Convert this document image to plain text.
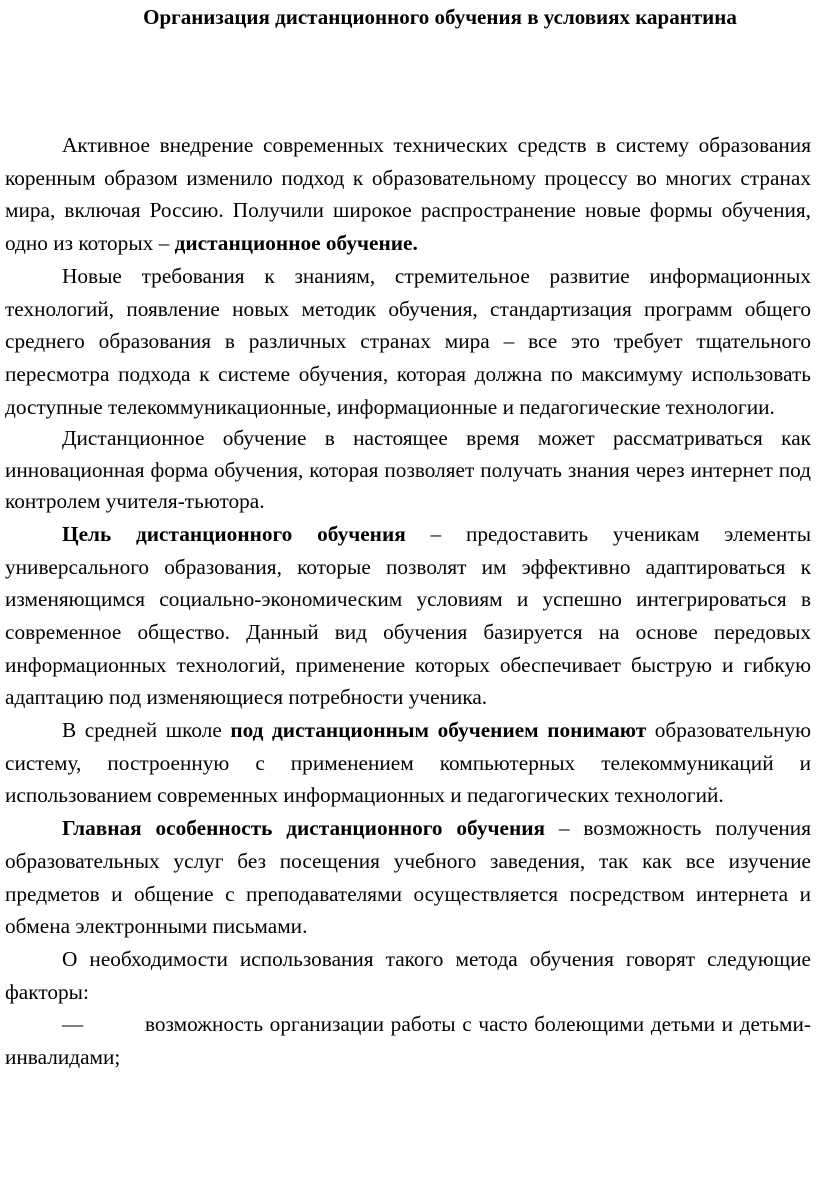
Организация дистанционного обучения в условиях карантина

Активное внедрение современных технических средств в систему образования коренным образом изменило подход к образовательному процессу во многих странах мира, включая Россию. Получили широкое распространение новые формы обучения, одно из которых – дистанционное обучение.

Новые требования к знаниям, стремительное развитие информационных технологий, появление новых методик обучения, стандартизация программ общего среднего образования в различных странах мира – все это требует тщательного пересмотра подхода к системе обучения, которая должна по максимуму использовать доступные телекоммуникационные, информационные и педагогические технологии.

Дистанционное обучение в настоящее время может рассматриваться как инновационная форма обучения, которая позволяет получать знания через интернет под контролем учителя-тьютора.

Цель дистанционного обучения – предоставить ученикам элементы универсального образования, которые позволят им эффективно адаптироваться к изменяющимся социально-экономическим условиям и успешно интегрироваться в современное общество. Данный вид обучения базируется на основе передовых информационных технологий, применение которых обеспечивает быструю и гибкую адаптацию под изменяющиеся потребности ученика.

В средней школе под дистанционным обучением понимают образовательную систему, построенную с применением компьютерных телекоммуникаций и использованием современных информационных и педагогических технологий.

Главная особенность дистанционного обучения – возможность получения образовательных услуг без посещения учебного заведения, так как все изучение предметов и общение с преподавателями осуществляется посредством интернета и обмена электронными письмами.

О необходимости использования такого метода обучения говорят следующие факторы:

—	возможность организации работы с часто болеющими детьми и детьми-инвалидами;
